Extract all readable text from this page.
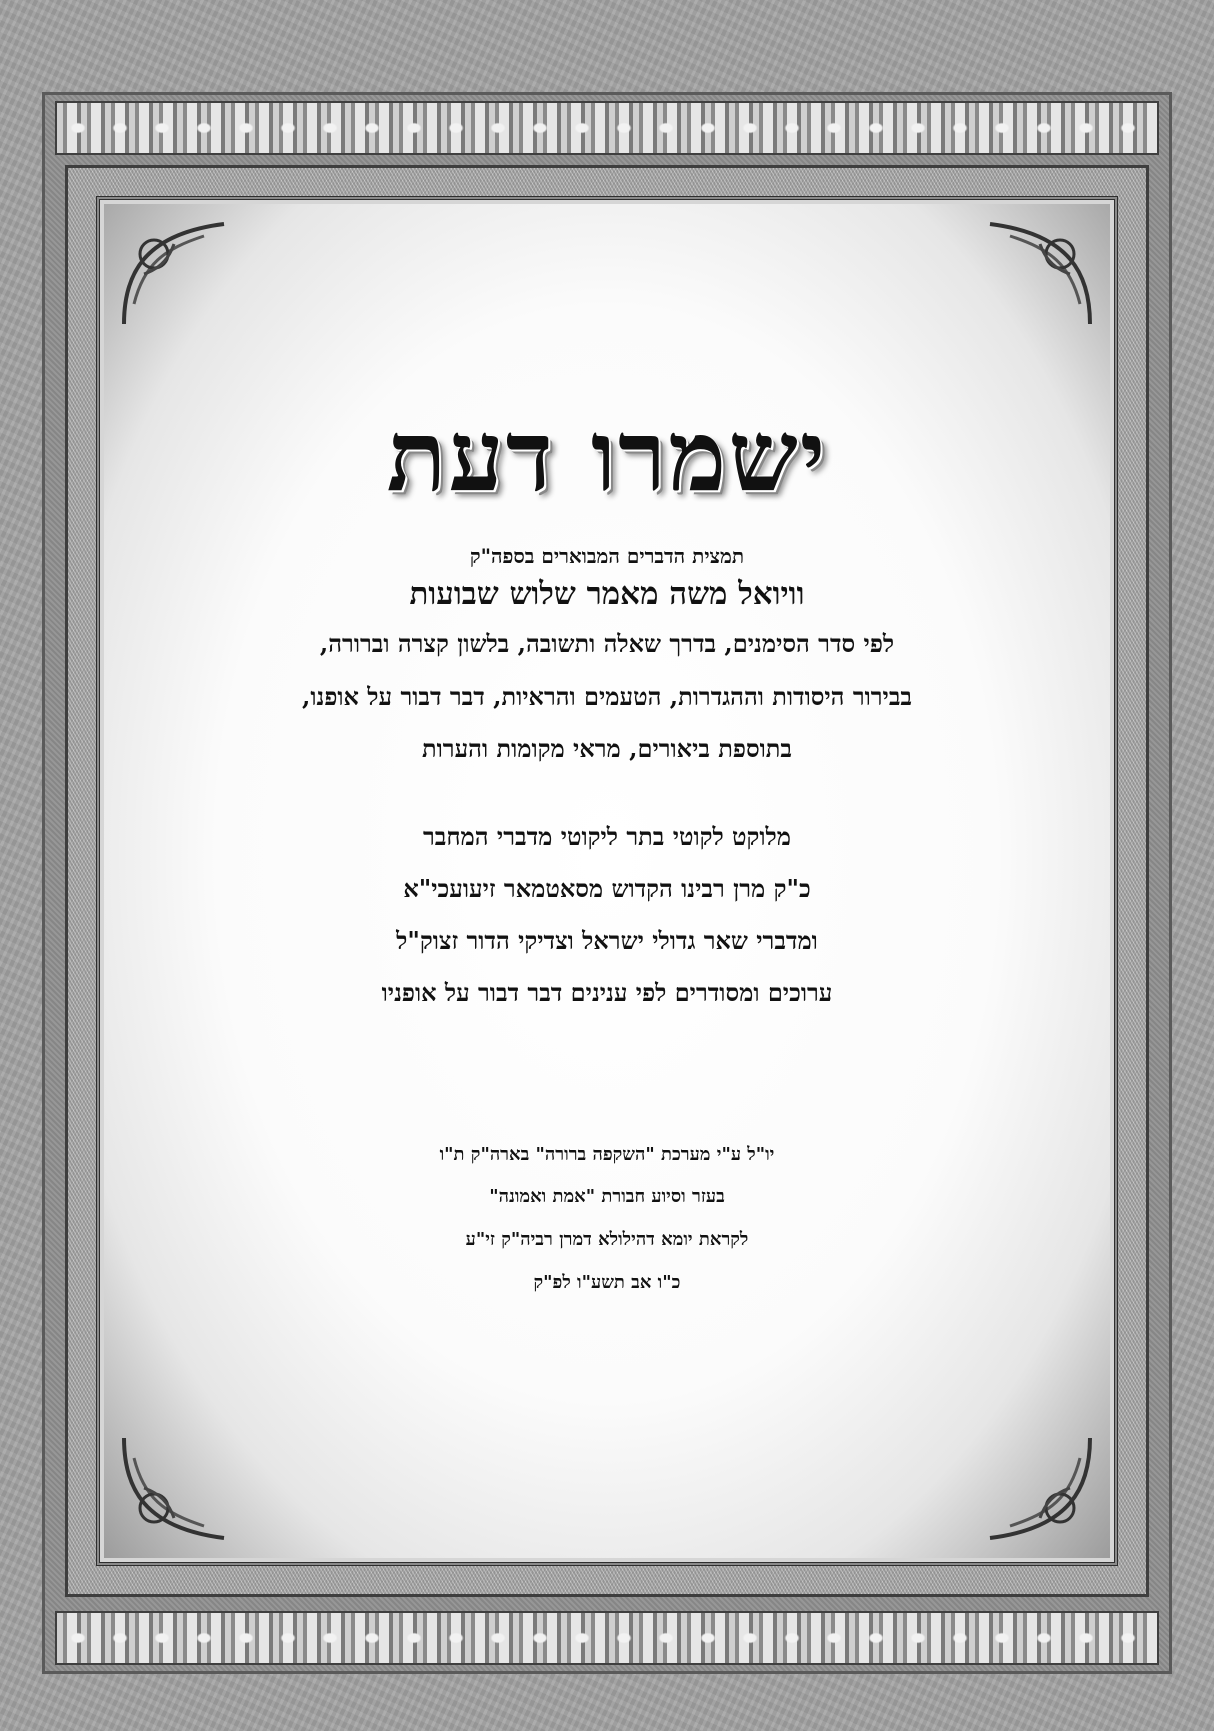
ישמרו דעת
תמצית הדברים המבוארים בספה"ק
וויואל משה מאמר שלוש שבועות
לפי סדר הסימנים, בדרך שאלה ותשובה, בלשון קצרה וברורה,
בבירור היסודות וההגדרות, הטעמים והראיות, דבר דבור על אופנו,
בתוספת ביאורים, מראי מקומות והערות
מלוקט לקוטי בתר ליקוטי מדברי המחבר
כ"ק מרן רבינו הקדוש מסאטמאר זיעועכי"א
ומדברי שאר גדולי ישראל וצדיקי הדור זצוק"ל
ערוכים ומסודרים לפי ענינים דבר דבור על אופניו
יו"ל ע"י מערכת "השקפה ברורה" בארה"ק ת"ו
בעזר וסיוע חבורת "אמת ואמונה"
לקראת יומא דהילולא דמרן רביה"ק זי"ע
כ"ו אב תשע"ו לפ"ק
